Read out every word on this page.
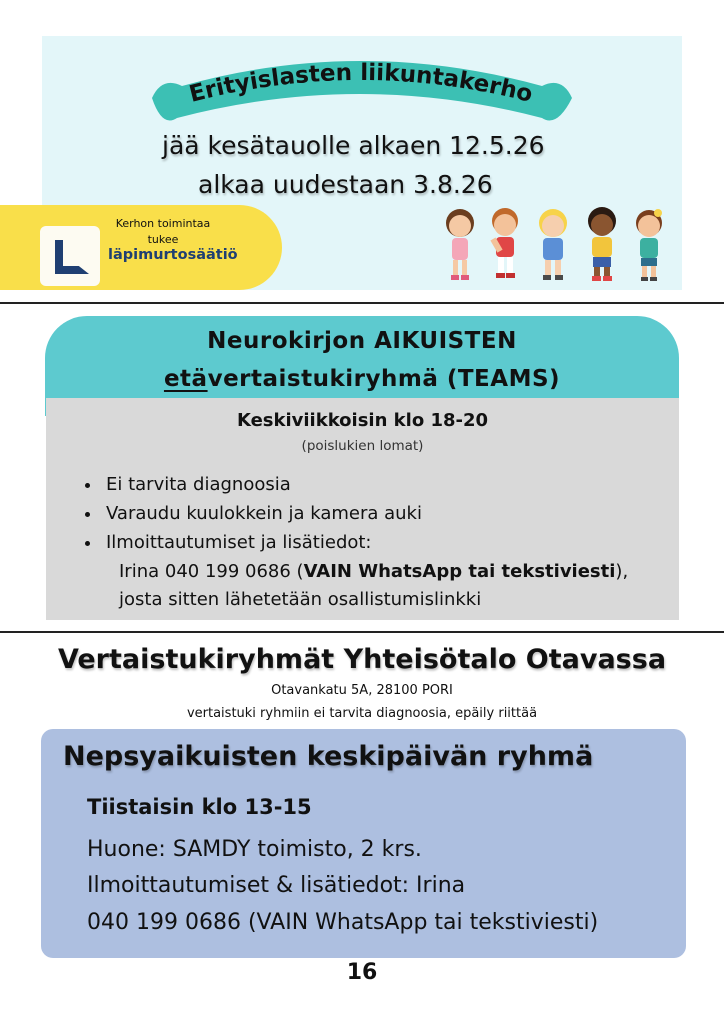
Erityislasten liikuntakerho
jää kesätauolle alkaen 12.5.26
alkaa uudestaan 3.8.26
Kerhon toimintaa tukee
läpimurtosäätiö
Neurokirjon AIKUISTEN
etävertaistukiryhmä (TEAMS)
Keskiviikkoisin klo 18-20
(poislukien lomat)
• Ei tarvita diagnoosia
• Varaudu kuulokkein ja kamera auki
• Ilmoittautumiset ja lisätiedot:
Irina 040 199 0686 (VAIN WhatsApp tai tekstiviesti),
josta sitten lähetetään osallistumislinkki
Vertaistukiryhmät Yhteisötalo Otavassa
Otavankatu 5A, 28100 PORI
vertaistuki ryhmiin ei tarvita diagnoosia, epäily riittää
Nepsyaikuisten keskipäivän ryhmä
Tiistaisin klo 13-15
Huone: SAMDY toimisto, 2 krs.
Ilmoittautumiset & lisätiedot: Irina
040 199 0686 (VAIN WhatsApp tai tekstiviesti)
16
